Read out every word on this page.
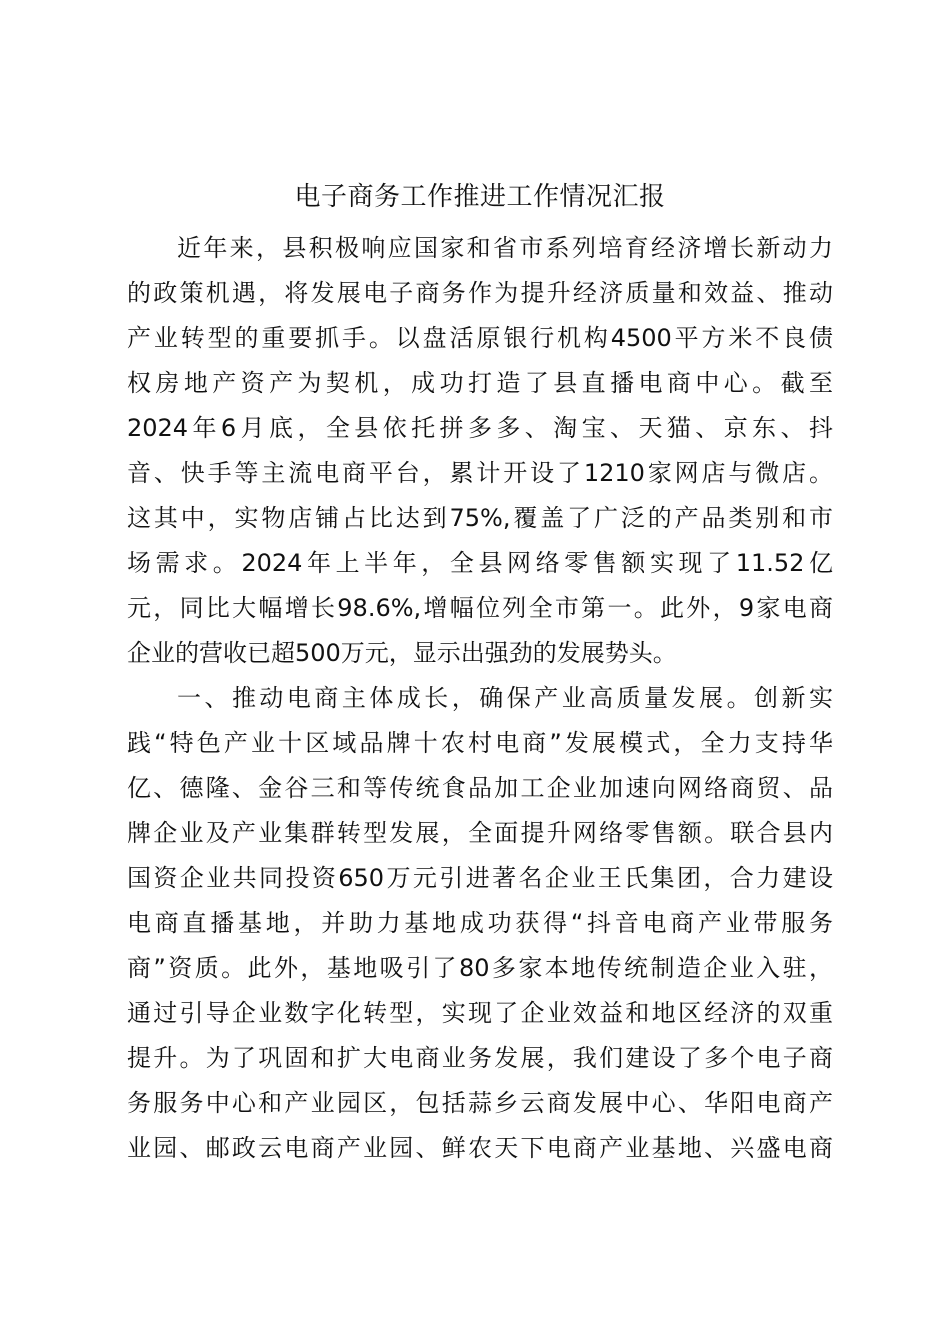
电子商务工作推进工作情况汇报
近年来，县积极响应国家和省市系列培育经济增长新动力
的政策机遇，将发展电子商务作为提升经济质量和效益、推动
产业转型的重要抓手。以盘活原银行机构4500平方米不良债
权房地产资产为契机，成功打造了县直播电商中心。截至
2024年6月底，全县依托拼多多、淘宝、天猫、京东、抖
音、快手等主流电商平台，累计开设了1210家网店与微店。
这其中，实物店铺占比达到75%,覆盖了广泛的产品类别和市
场需求。2024年上半年，全县网络零售额实现了11.52亿
元，同比大幅增长98.6%,增幅位列全市第一。此外，9家电商
企业的营收已超500万元，显示出强劲的发展势头。
一、推动电商主体成长，确保产业高质量发展。创新实
践“特色产业十区域品牌十农村电商”发展模式，全力支持华
亿、德隆、金谷三和等传统食品加工企业加速向网络商贸、品
牌企业及产业集群转型发展，全面提升网络零售额。联合县内
国资企业共同投资650万元引进著名企业王氏集团，合力建设
电商直播基地，并助力基地成功获得“抖音电商产业带服务
商”资质。此外，基地吸引了80多家本地传统制造企业入驻，
通过引导企业数字化转型，实现了企业效益和地区经济的双重
提升。为了巩固和扩大电商业务发展，我们建设了多个电子商
务服务中心和产业园区，包括蒜乡云商发展中心、华阳电商产
业园、邮政云电商产业园、鲜农天下电商产业基地、兴盛电商
